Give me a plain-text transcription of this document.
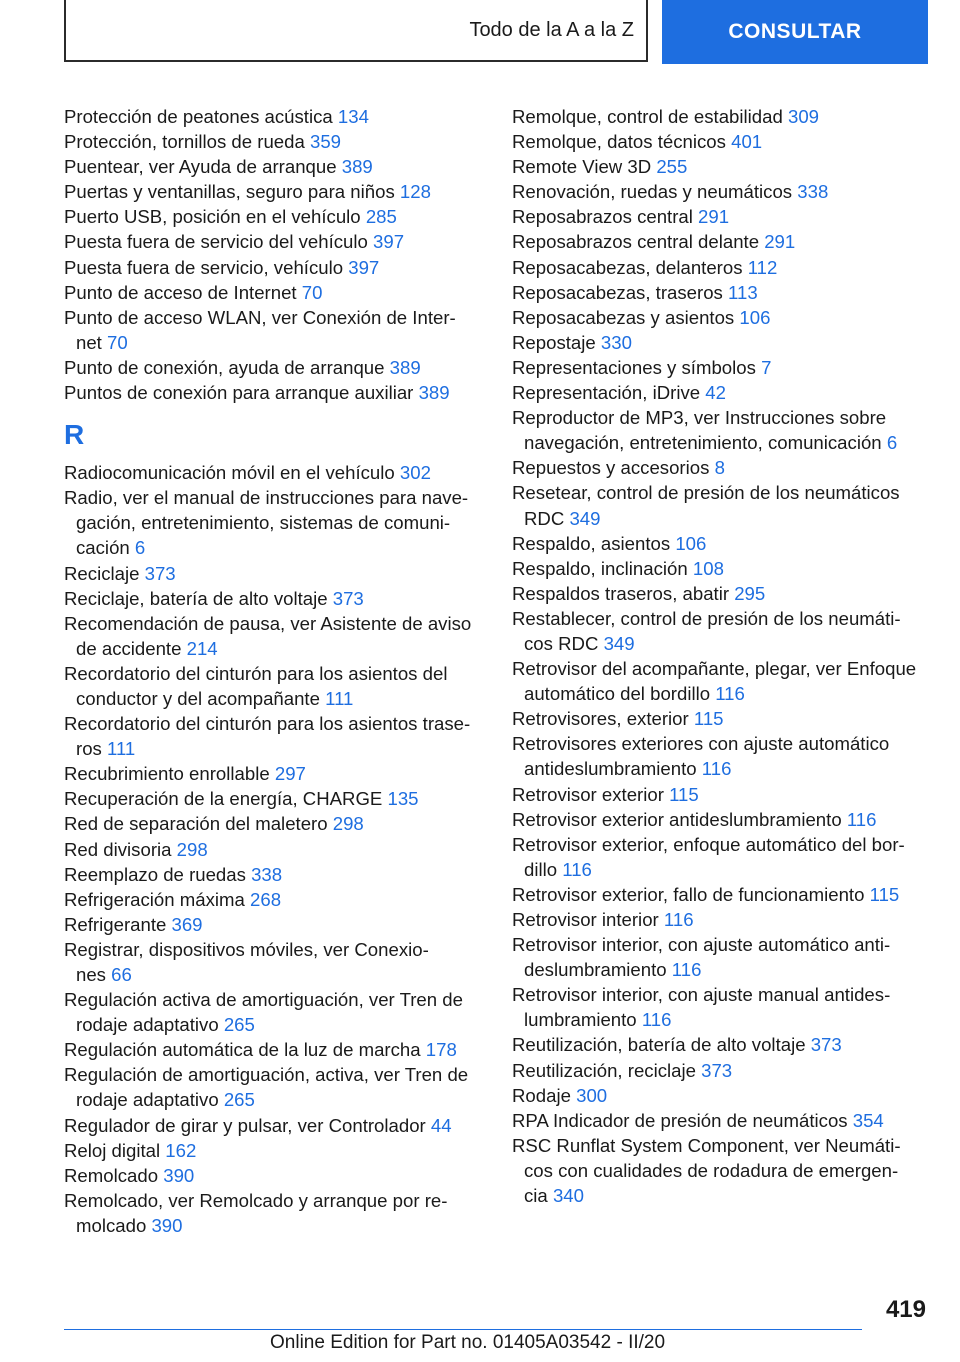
Todo de la A a la Z	CONSULTAR
Protección de peatones acústica 134
Protección, tornillos de rueda 359
Puentear, ver Ayuda de arranque 389
Puertas y ventanillas, seguro para niños 128
Puerto USB, posición en el vehículo 285
Puesta fuera de servicio del vehículo 397
Puesta fuera de servicio, vehículo 397
Punto de acceso de Internet 70
Punto de acceso WLAN, ver Conexión de Inter-
net 70
Punto de conexión, ayuda de arranque 389
Puntos de conexión para arranque auxiliar 389
R
Radiocomunicación móvil en el vehículo 302
Radio, ver el manual de instrucciones para nave-
gación, entretenimiento, sistemas de comuni-
cación 6
Reciclaje 373
Reciclaje, batería de alto voltaje 373
Recomendación de pausa, ver Asistente de aviso
de accidente 214
Recordatorio del cinturón para los asientos del
conductor y del acompañante 111
Recordatorio del cinturón para los asientos trase-
ros 111
Recubrimiento enrollable 297
Recuperación de la energía, CHARGE 135
Red de separación del maletero 298
Red divisoria 298
Reemplazo de ruedas 338
Refrigeración máxima 268
Refrigerante 369
Registrar, dispositivos móviles, ver Conexio-
nes 66
Regulación activa de amortiguación, ver Tren de
rodaje adaptativo 265
Regulación automática de la luz de marcha 178
Regulación de amortiguación, activa, ver Tren de
rodaje adaptativo 265
Regulador de girar y pulsar, ver Controlador 44
Reloj digital 162
Remolcado 390
Remolcado, ver Remolcado y arranque por re-
molcado 390
Remolque, control de estabilidad 309
Remolque, datos técnicos 401
Remote View 3D 255
Renovación, ruedas y neumáticos 338
Reposabrazos central 291
Reposabrazos central delante 291
Reposacabezas, delanteros 112
Reposacabezas, traseros 113
Reposacabezas y asientos 106
Repostaje 330
Representaciones y símbolos 7
Representación, iDrive 42
Reproductor de MP3, ver Instrucciones sobre
navegación, entretenimiento, comunicación 6
Repuestos y accesorios 8
Resetear, control de presión de los neumáticos
RDC 349
Respaldo, asientos 106
Respaldo, inclinación 108
Respaldos traseros, abatir 295
Restablecer, control de presión de los neumáti-
cos RDC 349
Retrovisor del acompañante, plegar, ver Enfoque
automático del bordillo 116
Retrovisores, exterior 115
Retrovisores exteriores con ajuste automático
antideslumbramiento 116
Retrovisor exterior 115
Retrovisor exterior antideslumbramiento 116
Retrovisor exterior, enfoque automático del bor-
dillo 116
Retrovisor exterior, fallo de funcionamiento 115
Retrovisor interior 116
Retrovisor interior, con ajuste automático anti-
deslumbramiento 116
Retrovisor interior, con ajuste manual antides-
lumbramiento 116
Reutilización, batería de alto voltaje 373
Reutilización, reciclaje 373
Rodaje 300
RPA Indicador de presión de neumáticos 354
RSC Runflat System Component, ver Neumáti-
cos con cualidades de rodadura de emergen-
cia 340
419
Online Edition for Part no. 01405A03542 - II/20
